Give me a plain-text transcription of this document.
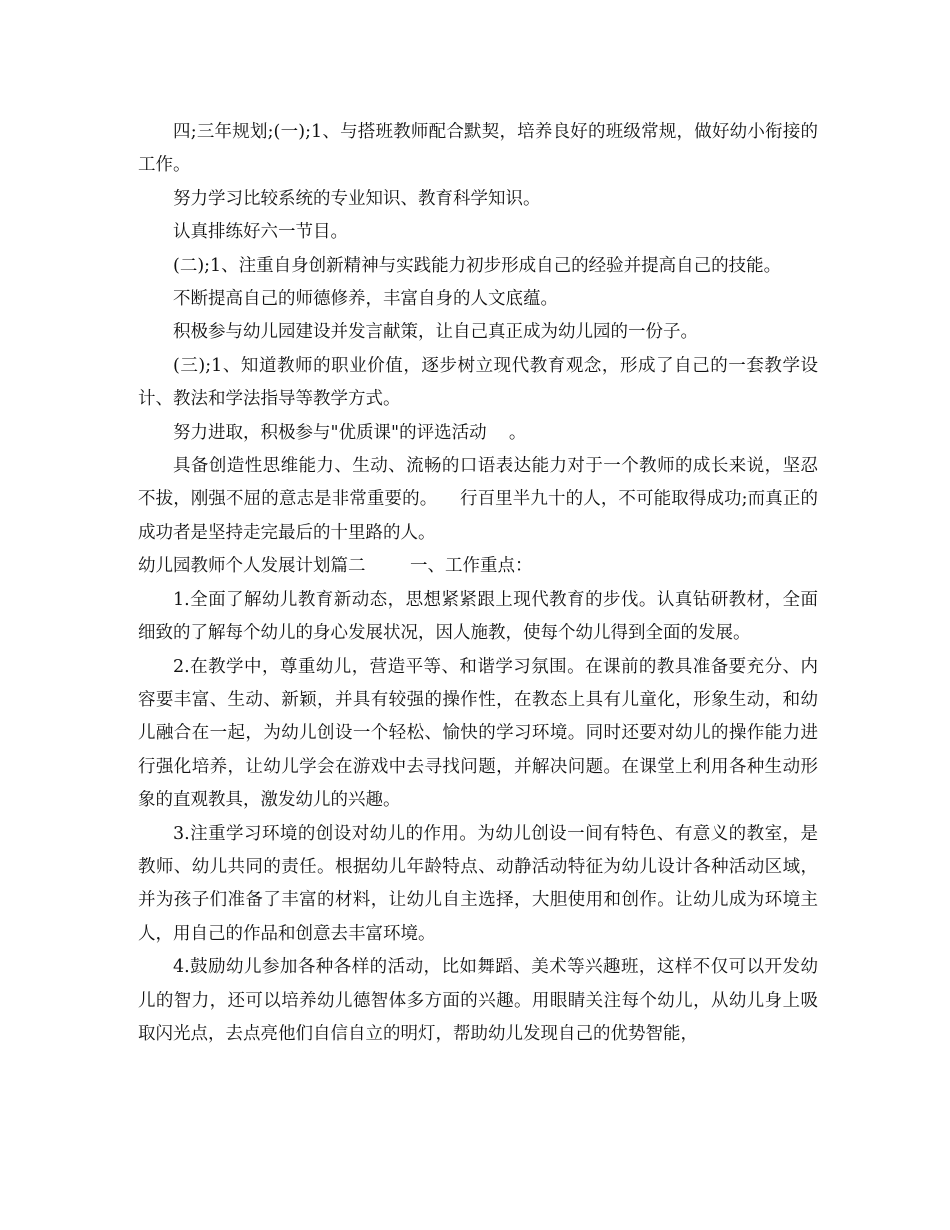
四;三年规划;(一);1、与搭班教师配合默契，培养良好的班级常规，做好幼小衔接的工作。

努力学习比较系统的专业知识、教育科学知识。

认真排练好六一节目。

(二);1、注重自身创新精神与实践能力初步形成自己的经验并提高自己的技能。

不断提高自己的师德修养，丰富自身的人文底蕴。

积极参与幼儿园建设并发言献策，让自己真正成为幼儿园的一份子。

(三);1、知道教师的职业价值，逐步树立现代教育观念，形成了自己的一套教学设计、教法和学法指导等教学方式。

努力进取，积极参与"优质课"的评选活动    。

具备创造性思维能力、生动、流畅的口语表达能力对于一个教师的成长来说，坚忍不拔，刚强不屈的意志是非常重要的。    行百里半九十的人，不可能取得成功;而真正的成功者是坚持走完最后的十里路的人。

幼儿园教师个人发展计划篇二        一、工作重点：

1.全面了解幼儿教育新动态，思想紧紧跟上现代教育的步伐。认真钻研教材，全面细致的了解每个幼儿的身心发展状况，因人施教，使每个幼儿得到全面的发展。

2.在教学中，尊重幼儿，营造平等、和谐学习氛围。在课前的教具准备要充分、内容要丰富、生动、新颖，并具有较强的操作性，在教态上具有儿童化，形象生动，和幼儿融合在一起，为幼儿创设一个轻松、愉快的学习环境。同时还要对幼儿的操作能力进行强化培养，让幼儿学会在游戏中去寻找问题，并解决问题。在课堂上利用各种生动形象的直观教具，激发幼儿的兴趣。

3.注重学习环境的创设对幼儿的作用。为幼儿创设一间有特色、有意义的教室，是教师、幼儿共同的责任。根据幼儿年龄特点、动静活动特征为幼儿设计各种活动区域，并为孩子们准备了丰富的材料，让幼儿自主选择，大胆使用和创作。让幼儿成为环境主人，用自己的作品和创意去丰富环境。

4.鼓励幼儿参加各种各样的活动，比如舞蹈、美术等兴趣班，这样不仅可以开发幼儿的智力，还可以培养幼儿德智体多方面的兴趣。用眼睛关注每个幼儿，从幼儿身上吸取闪光点，去点亮他们自信自立的明灯，帮助幼儿发现自己的优势智能，
